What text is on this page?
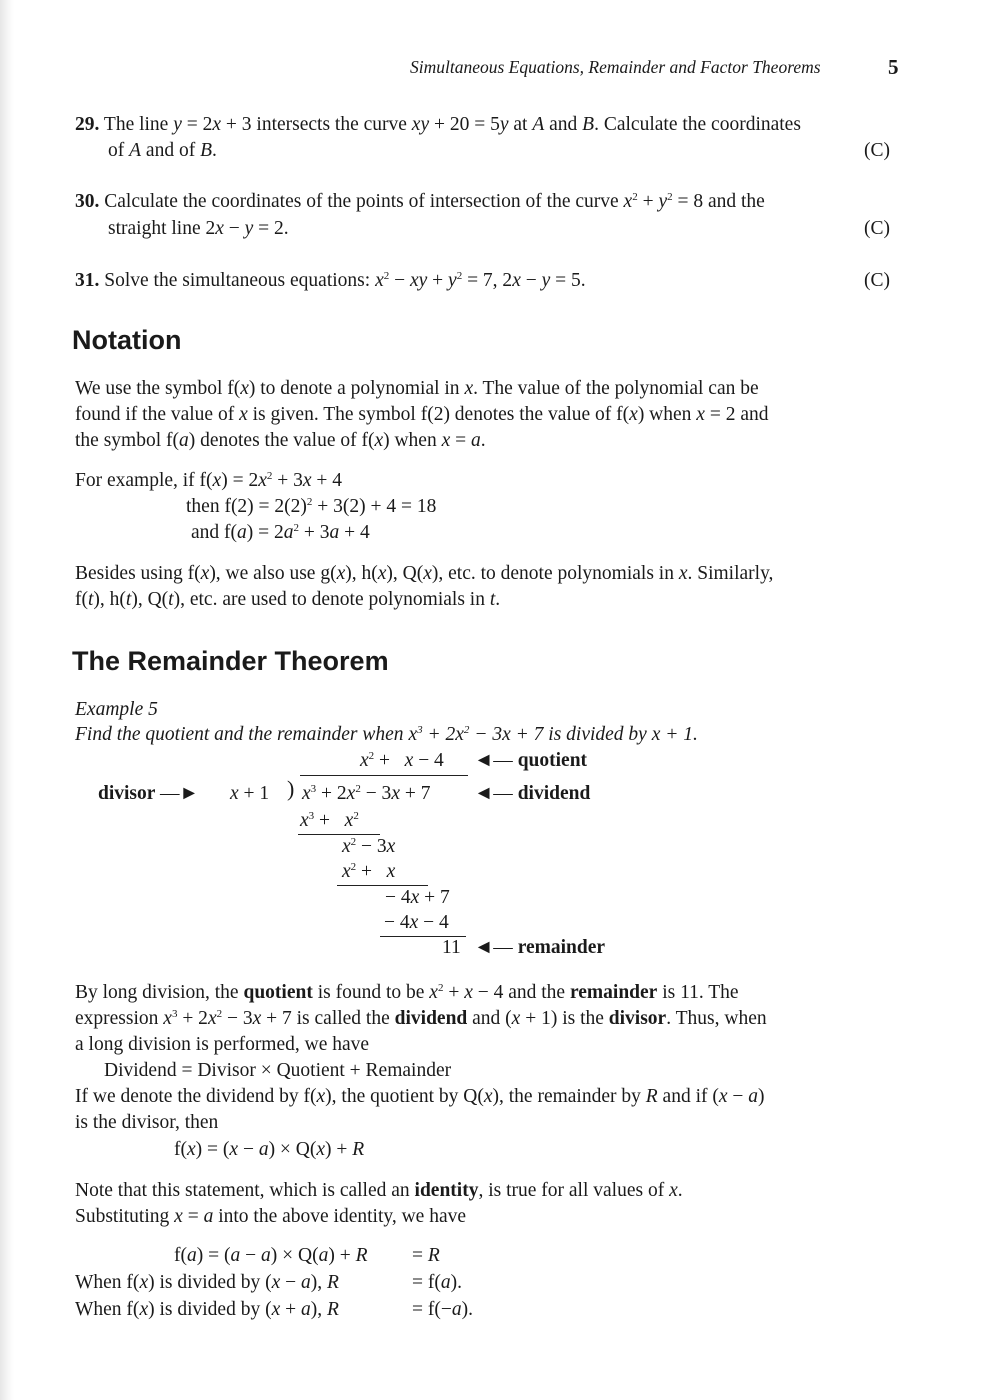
Simultaneous Equations, Remainder and Factor Theorems	5
29. The line y = 2x + 3 intersects the curve xy + 20 = 5y at A and B. Calculate the coordinates
of A and of B.	(C)
30. Calculate the coordinates of the points of intersection of the curve $x^2 + y^2 = 8$ and the
straight line 2x − y = 2.	(C)
31. Solve the simultaneous equations: $x^2$ − xy + $y^2 = 7$, 2x − y = 5.	(C)
Notation
We use the symbol f(x) to denote a polynomial in x. The value of the polynomial can be
found if the value of x is given. The symbol f(2) denotes the value of f(x) when x = 2 and
the symbol f(a) denotes the value of f(x) when x = a.
For example, if $f(x) = 2x^2 + 3x + 4$
then $f(2) = 2(2)^2 + 3(2) + 4 = 18$
and $f(a) = 2a^2 + 3a + 4$
Besides using f(x), we also use g(x), h(x), Q(x), etc. to denote polynomials in x. Similarly,
f(t), h(t), Q(t), etc. are used to denote polynomials in t.
The Remainder Theorem
Example 5
Find the quotient and the remainder when $x^3 + 2x^2 - 3x + 7$ is divided by x + 1.
$x^2 + x - 4$ ◄— quotient
divisor —► x + 1 ) $x^3 + 2x^2 - 3x + 7$ ◄— dividend
$x^3 + x^2$
$x^2 - 3x$
$x^2 + x$
− 4x + 7
− 4x − 4
11 ◄— remainder
By long division, the quotient is found to be $x^2 + x - 4$ and the remainder is 11. The
expression $x^3 + 2x^2 - 3x + 7$ is called the dividend and (x + 1) is the divisor. Thus, when
a long division is performed, we have
Dividend = Divisor × Quotient + Remainder
If we denote the dividend by f(x), the quotient by Q(x), the remainder by R and if (x − a)
is the divisor, then
f(x) = (x − a) × Q(x) + R
Note that this statement, which is called an identity, is true for all values of x.
Substituting x = a into the above identity, we have
f(a) = (a − a) × Q(a) + R = R
When f(x) is divided by (x − a), R	= f(a).
When f(x) is divided by (x + a), R	= f(−a).
